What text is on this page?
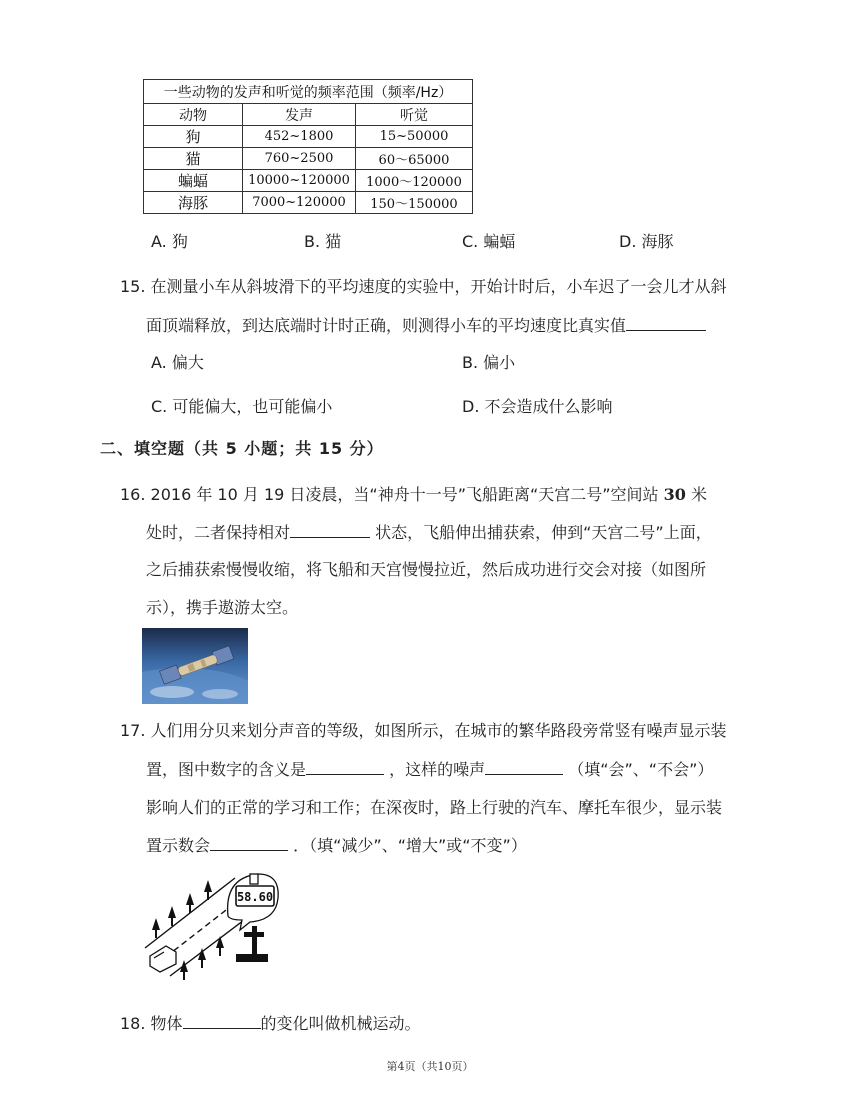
一些动物的发声和听觉的频率范围（频率/Hz）		
动物	发声	听觉
狗	452~1800	15~50000
猫	760~2500	60～65000
蝙蝠	10000~120000	1000～120000
海豚	7000~120000	150～150000
A. 狗	B. 猫	C. 蝙蝠	D. 海豚
15. 在测量小车从斜坡滑下的平均速度的实验中，开始计时后，小车迟了一会儿才从斜
面顶端释放，到达底端时计时正确，则测得小车的平均速度比真实值
A. 偏大	B. 偏小
C. 可能偏大，也可能偏小	D. 不会造成什么影响
二、填空题（共 5 小题；共 15 分）
16. 2016 年 10 月 19 日凌晨，当“神舟十一号”飞船距离“天宫二号”空间站 30 米
处时，二者保持相对	状态，飞船伸出捕获索，伸到“天宫二号”上面，
之后捕获索慢慢收缩，将飞船和天宫慢慢拉近，然后成功进行交会对接（如图所
示），携手遨游太空。
17. 人们用分贝来划分声音的等级，如图所示，在城市的繁华路段旁常竖有噪声显示装
置，图中数字的含义是	，这样的噪声	（填“会”、“不会”）
影响人们的正常的学习和工作；在深夜时，路上行驶的汽车、摩托车很少，显示装
置示数会	．（填“减少”、“增大”或“不变”）
58.60
18. 物体	的变化叫做机械运动。
第4页（共10页）
